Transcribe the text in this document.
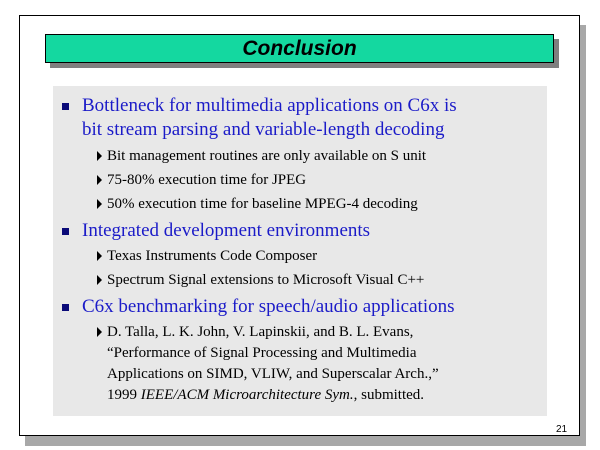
Conclusion
Bottleneck for multimedia applications on C6x is
bit stream parsing and variable-length decoding
Bit management routines are only available on S unit
75-80% execution time for JPEG
50% execution time for baseline MPEG-4 decoding
Integrated development environments
Texas Instruments Code Composer
Spectrum Signal extensions to Microsoft Visual C++
C6x benchmarking for speech/audio applications
D. Talla, L. K. John, V. Lapinskii, and B. L. Evans,
“Performance of Signal Processing and Multimedia
Applications on SIMD, VLIW, and Superscalar Arch.,”
1999 IEEE/ACM Microarchitecture Sym., submitted.
21
